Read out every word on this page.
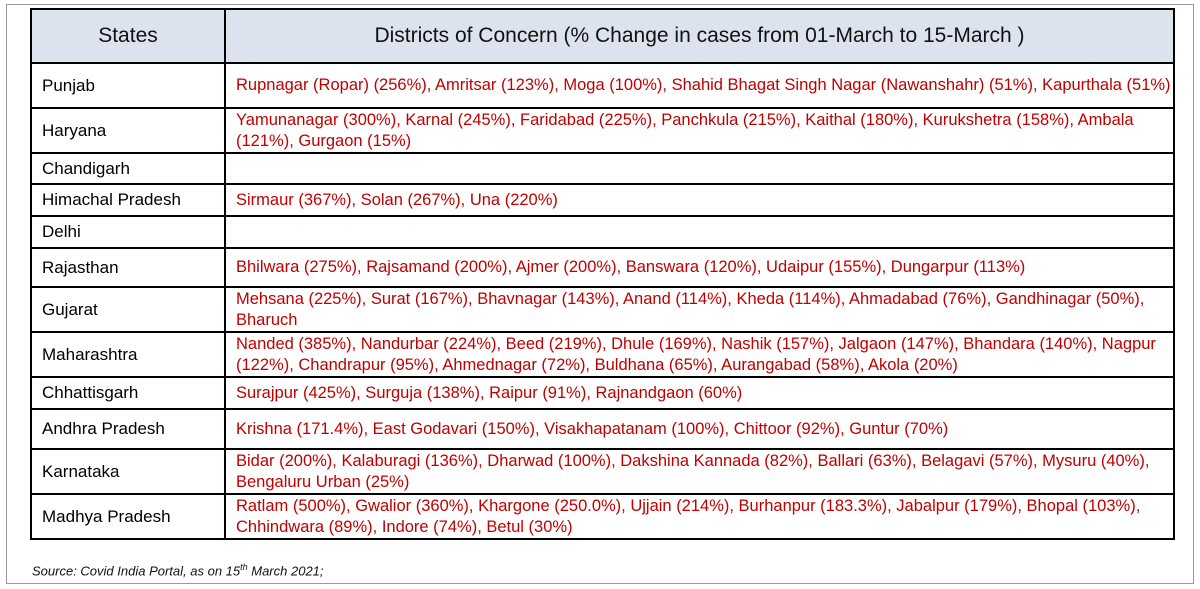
States	Districts of Concern (% Change in cases from 01-March to 15-March )
Punjab	Rupnagar (Ropar) (256%), Amritsar (123%), Moga (100%), Shahid Bhagat Singh Nagar (Nawanshahr) (51%), Kapurthala (51%)
Haryana	Yamunanagar (300%), Karnal (245%), Faridabad (225%), Panchkula (215%), Kaithal (180%), Kurukshetra (158%), Ambala (121%), Gurgaon (15%)
Chandigarh	
Himachal Pradesh	Sirmaur (367%), Solan (267%), Una (220%)
Delhi	
Rajasthan	Bhilwara (275%), Rajsamand (200%), Ajmer (200%), Banswara (120%), Udaipur (155%), Dungarpur (113%)
Gujarat	Mehsana (225%), Surat (167%), Bhavnagar (143%), Anand (114%), Kheda (114%), Ahmadabad (76%), Gandhinagar (50%), Bharuch
Maharashtra	Nanded (385%), Nandurbar (224%), Beed (219%), Dhule (169%), Nashik (157%), Jalgaon (147%), Bhandara (140%), Nagpur (122%), Chandrapur (95%), Ahmednagar (72%), Buldhana (65%), Aurangabad (58%), Akola (20%)
Chhattisgarh	Surajpur (425%), Surguja (138%), Raipur (91%), Rajnandgaon (60%)
Andhra Pradesh	Krishna (171.4%), East Godavari (150%), Visakhapatanam (100%), Chittoor (92%), Guntur (70%)
Karnataka	Bidar (200%), Kalaburagi (136%), Dharwad (100%), Dakshina Kannada (82%), Ballari (63%), Belagavi (57%), Mysuru (40%), Bengaluru Urban (25%)
Madhya Pradesh	Ratlam (500%), Gwalior (360%), Khargone (250.0%), Ujjain (214%), Burhanpur (183.3%), Jabalpur (179%), Bhopal (103%), Chhindwara (89%), Indore (74%), Betul (30%)
Source: Covid India Portal, as on 15th March 2021;
